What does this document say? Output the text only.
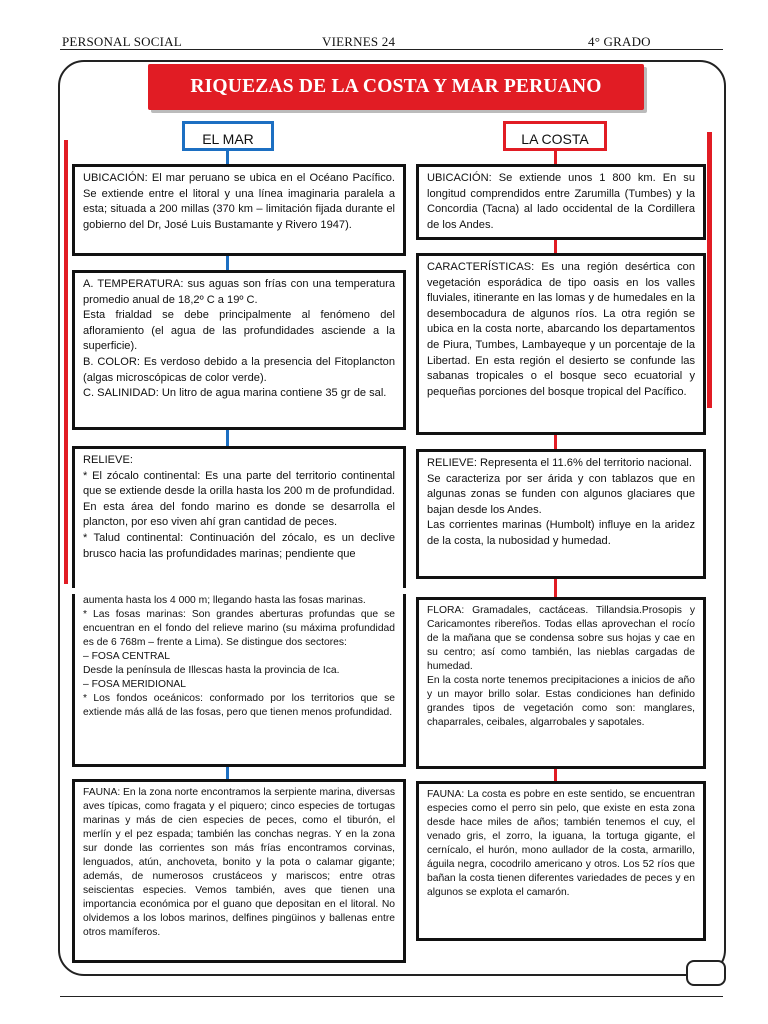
PERSONAL SOCIAL	VIERNES 24	4° GRADO
RIQUEZAS DE LA COSTA Y MAR PERUANO
EL MAR	LA COSTA

UBICACIÓN: El mar peruano se ubica en el Océano Pacífico. Se extiende entre el litoral y una línea imaginaria paralela a esta; situada a 200 millas (370 km – limitación fijada durante el gobierno del Dr, José Luis Bustamante y Rivero 1947).

A. TEMPERATURA: sus aguas son frías con una temperatura promedio anual de 18,2º C a 19º C.

Esta frialdad se debe principalmente al fenómeno del afloramiento (el agua de las profundidades asciende a la superficie).

B. COLOR: Es verdoso debido a la presencia del Fitoplancton (algas microscópicas de color verde).

C. SALINIDAD: Un litro de agua marina contiene 35 gr de sal.

RELIEVE:

* El zócalo continental: Es una parte del territorio continental que se extiende desde la orilla hasta los 200 m de profundidad. En esta área del fondo marino es donde se desarrolla el plancton, por eso viven ahí gran cantidad de peces.

* Talud continental: Continuación del zócalo, es un declive brusco hacia las profundidades marinas; pendiente que

aumenta hasta los 4 000 m; llegando hasta las fosas marinas.

* Las fosas marinas: Son grandes aberturas profundas que se encuentran en el fondo del relieve marino (su máxima profundidad es de 6 768m – frente a Lima). Se distingue dos sectores:

– FOSA CENTRAL

Desde la península de Illescas hasta la provincia de Ica.

– FOSA MERIDIONAL

* Los fondos oceánicos: conformado por los territorios que se extiende más allá de las fosas, pero que tienen menos profundidad.

FAUNA: En la zona norte encontramos la serpiente marina, diversas aves típicas, como fragata y el piquero; cinco especies de tortugas marinas y más de cien especies de peces, como el tiburón, el merlín y el pez espada; también las conchas negras. Y en la zona sur donde las corrientes son más frías encontramos corvinas, lenguados, atún, anchoveta, bonito y la pota o calamar gigante; además, de numerosos crustáceos y mariscos; entre otras seiscientas especies. Vemos también, aves que tienen una importancia económica por el guano que depositan en el litoral. No olvidemos a los lobos marinos, delfines pingüinos y ballenas entre otros mamíferos.

UBICACIÓN: Se extiende unos 1 800 km. En su longitud comprendidos entre Zarumilla (Tumbes) y la Concordia (Tacna) al lado occidental de la Cordillera de los Andes.

CARACTERÍSTICAS: Es una región desértica con vegetación esporádica de tipo oasis en los valles fluviales, itinerante en las lomas y de humedales en la desembocadura de algunos ríos. La otra región se ubica en la costa norte, abarcando los departamentos de Piura, Tumbes, Lambayeque y un porcentaje de la Libertad. En esta región el desierto se confunde las sabanas tropicales o el bosque seco ecuatorial y pequeñas porciones del bosque tropical del Pacífico.

RELIEVE: Representa el 11.6% del territorio nacional.

Se caracteriza por ser árida y con tablazos que en algunas zonas se funden con algunos glaciares que bajan desde los Andes.

Las corrientes marinas (Humbolt) influye en la aridez de la costa, la nubosidad y humedad.

FLORA: Gramadales, cactáceas. Tillandsia.Prosopis y Caricamontes ribereños. Todas ellas aprovechan el rocío de la mañana que se condensa sobre sus hojas y cae en su centro; así como también, las nieblas cargadas de humedad.

En la costa norte tenemos precipitaciones a inicios de año y un mayor brillo solar. Estas condiciones han definido grandes tipos de vegetación como son: manglares, chaparrales, ceibales, algarrobales y sapotales.

FAUNA: La costa es pobre en este sentido, se encuentran especies como el perro sin pelo, que existe en esta zona desde hace miles de años; también tenemos el cuy, el venado gris, el zorro, la iguana, la tortuga gigante, el cernícalo, el hurón, mono aullador de la costa, armarillo, águila negra, cocodrilo americano y otros. Los 52 ríos que bañan la costa tienen diferentes variedades de peces y en algunos se explota el camarón.
